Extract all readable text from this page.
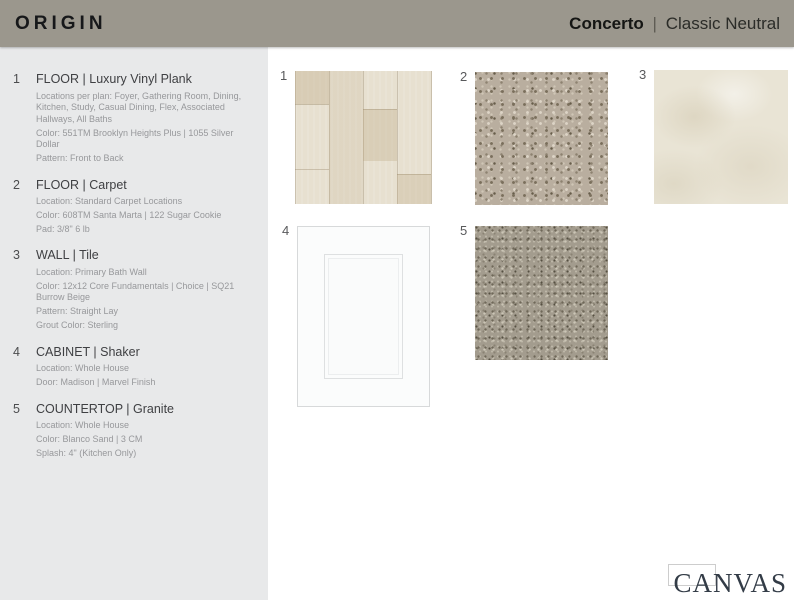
ORIGIN	Concerto | Classic Neutral
1	FLOOR | Luxury Vinyl Plank
Locations per plan: Foyer, Gathering Room, Dining, Kitchen, Study, Casual Dining, Flex, Associated Hallways, All Baths
Color: 551TM Brooklyn Heights Plus | 1055 Silver Dollar
Pattern: Front to Back
2	FLOOR | Carpet
Location: Standard Carpet Locations
Color: 608TM Santa Marta | 122 Sugar Cookie
Pad: 3/8" 6 lb
3	WALL | Tile
Location: Primary Bath Wall
Color: 12x12 Core Fundamentals | Choice | SQ21 Burrow Beige
Pattern: Straight Lay
Grout Color: Sterling
4	CABINET | Shaker
Location: Whole House
Door: Madison | Marvel Finish
5	COUNTERTOP | Granite
Location: Whole House
Color: Blanco Sand | 3 CM
Splash: 4" (Kitchen Only)
1	2	3
4	5
CANVAS
